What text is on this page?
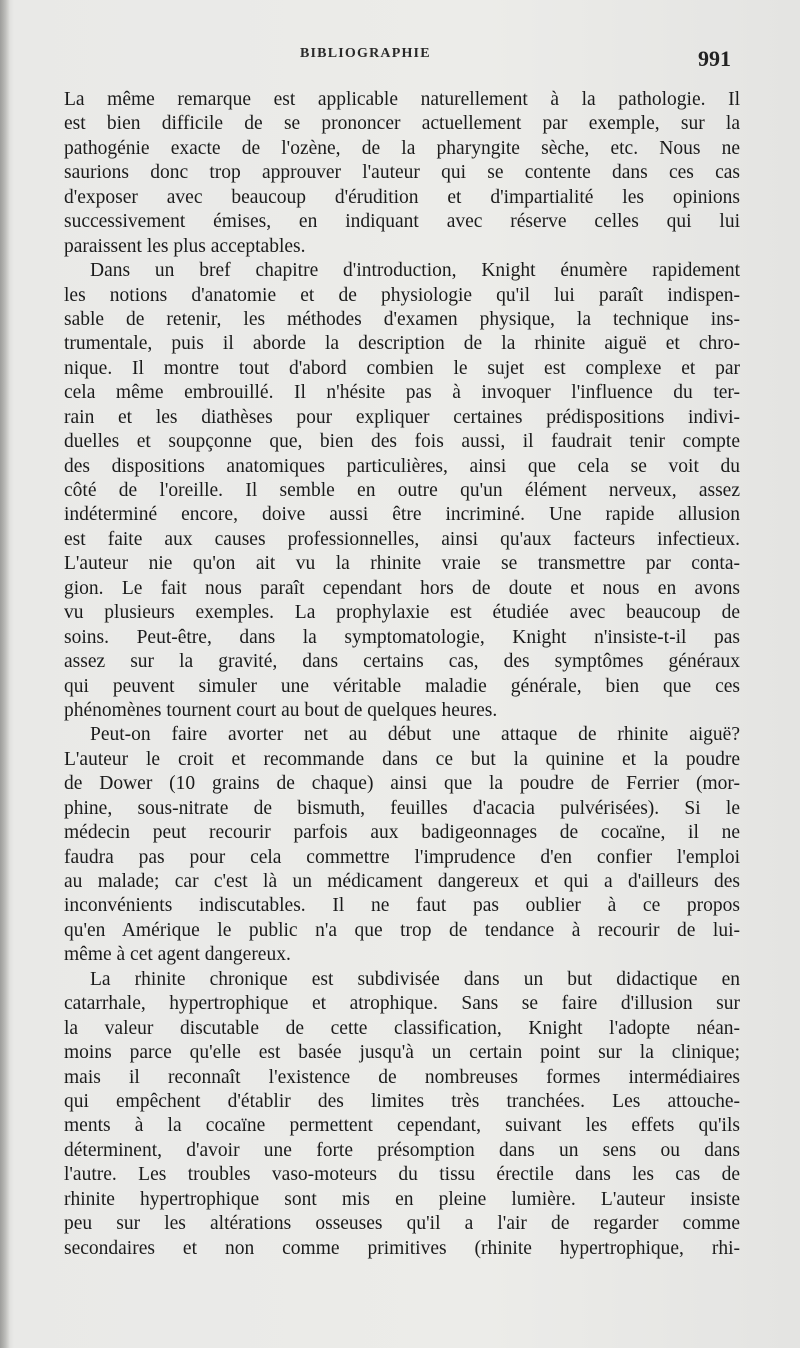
BIBLIOGRAPHIE	991
La même remarque est applicable naturellement à la pathologie. Il
est bien difficile de se prononcer actuellement par exemple, sur la
pathogénie exacte de l'ozène, de la pharyngite sèche, etc. Nous ne
saurions donc trop approuver l'auteur qui se contente dans ces cas
d'exposer avec beaucoup d'érudition et d'impartialité les opinions
successivement émises, en indiquant avec réserve celles qui lui
paraissent les plus acceptables.
Dans un bref chapitre d'introduction, Knight énumère rapidement
les notions d'anatomie et de physiologie qu'il lui paraît indispen-
sable de retenir, les méthodes d'examen physique, la technique ins-
trumentale, puis il aborde la description de la rhinite aiguë et chro-
nique. Il montre tout d'abord combien le sujet est complexe et par
cela même embrouillé. Il n'hésite pas à invoquer l'influence du ter-
rain et les diathèses pour expliquer certaines prédispositions indivi-
duelles et soupçonne que, bien des fois aussi, il faudrait tenir compte
des dispositions anatomiques particulières, ainsi que cela se voit du
côté de l'oreille. Il semble en outre qu'un élément nerveux, assez
indéterminé encore, doive aussi être incriminé. Une rapide allusion
est faite aux causes professionnelles, ainsi qu'aux facteurs infectieux.
L'auteur nie qu'on ait vu la rhinite vraie se transmettre par conta-
gion. Le fait nous paraît cependant hors de doute et nous en avons
vu plusieurs exemples. La prophylaxie est étudiée avec beaucoup de
soins. Peut-être, dans la symptomatologie, Knight n'insiste-t-il pas
assez sur la gravité, dans certains cas, des symptômes généraux
qui peuvent simuler une véritable maladie générale, bien que ces
phénomènes tournent court au bout de quelques heures.
Peut-on faire avorter net au début une attaque de rhinite aiguë?
L'auteur le croit et recommande dans ce but la quinine et la poudre
de Dower (10 grains de chaque) ainsi que la poudre de Ferrier (mor-
phine, sous-nitrate de bismuth, feuilles d'acacia pulvérisées). Si le
médecin peut recourir parfois aux badigeonnages de cocaïne, il ne
faudra pas pour cela commettre l'imprudence d'en confier l'emploi
au malade; car c'est là un médicament dangereux et qui a d'ailleurs des
inconvénients indiscutables. Il ne faut pas oublier à ce propos
qu'en Amérique le public n'a que trop de tendance à recourir de lui-
même à cet agent dangereux.
La rhinite chronique est subdivisée dans un but didactique en
catarrhale, hypertrophique et atrophique. Sans se faire d'illusion sur
la valeur discutable de cette classification, Knight l'adopte néan-
moins parce qu'elle est basée jusqu'à un certain point sur la clinique;
mais il reconnaît l'existence de nombreuses formes intermédiaires
qui empêchent d'établir des limites très tranchées. Les attouche-
ments à la cocaïne permettent cependant, suivant les effets qu'ils
déterminent, d'avoir une forte présomption dans un sens ou dans
l'autre. Les troubles vaso-moteurs du tissu érectile dans les cas de
rhinite hypertrophique sont mis en pleine lumière. L'auteur insiste
peu sur les altérations osseuses qu'il a l'air de regarder comme
secondaires et non comme primitives (rhinite hypertrophique, rhi-
